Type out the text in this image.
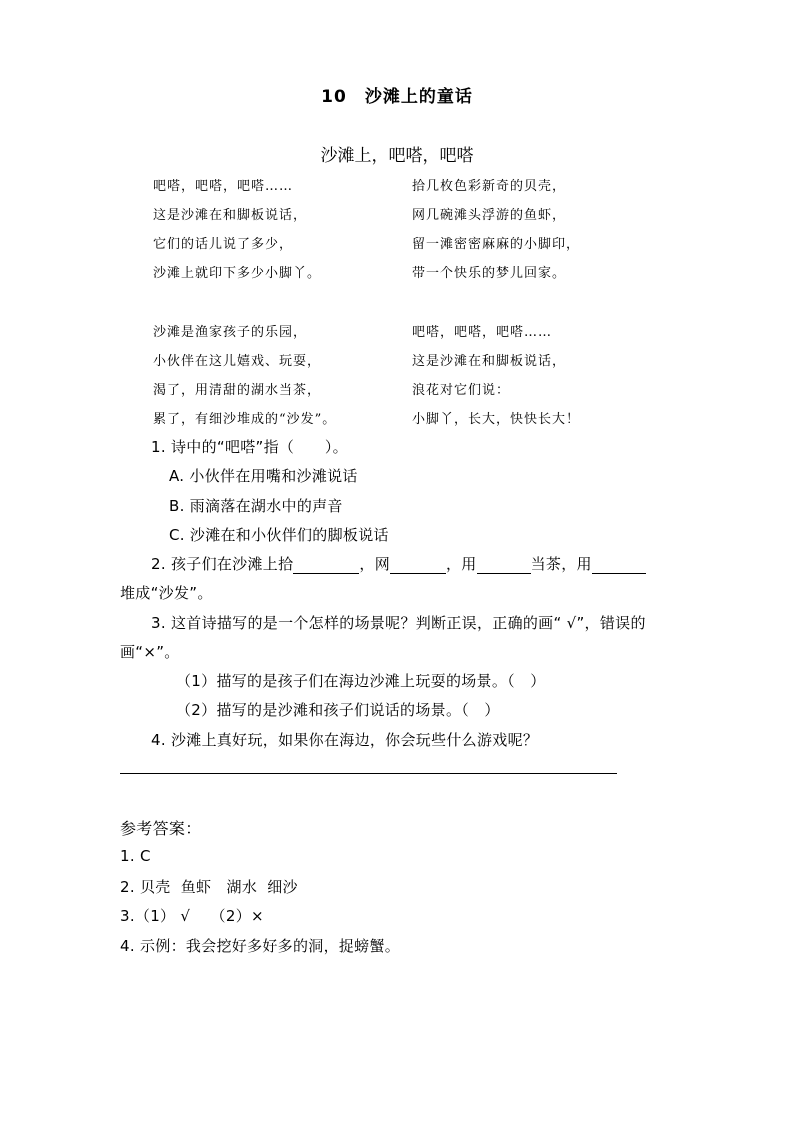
10　沙滩上的童话
沙滩上，吧嗒，吧嗒
吧嗒，吧嗒，吧嗒……
这是沙滩在和脚板说话，
它们的话儿说了多少，
沙滩上就印下多少小脚丫。
拾几枚色彩新奇的贝壳，
网几碗滩头浮游的鱼虾，
留一滩密密麻麻的小脚印，
带一个快乐的梦儿回家。
沙滩是渔家孩子的乐园，
小伙伴在这儿嬉戏、玩耍，
渴了，用清甜的湖水当茶，
累了，有细沙堆成的“沙发”。
吧嗒，吧嗒，吧嗒……
这是沙滩在和脚板说话，
浪花对它们说：
小脚丫，长大，快快长大！
1. 诗中的“吧嗒”指（　　）。
A. 小伙伴在用嘴和沙滩说话
B. 雨滴落在湖水中的声音
C. 沙滩在和小伙伴们的脚板说话
2. 孩子们在沙滩上拾	，网	，用	当茶，用
堆成“沙发”。
3. 这首诗描写的是一个怎样的场景呢？判断正误，正确的画“ √”，错误的
画“×”。
（1）描写的是孩子们在海边沙滩上玩耍的场景。（　）
（2）描写的是沙滩和孩子们说话的场景。（　）
4. 沙滩上真好玩，如果你在海边，你会玩些什么游戏呢？
参考答案：
1. C
2. 贝壳  鱼虾   湖水  细沙
3.（1） √    （2）×
4. 示例：我会挖好多好多的洞，捉螃蟹。
